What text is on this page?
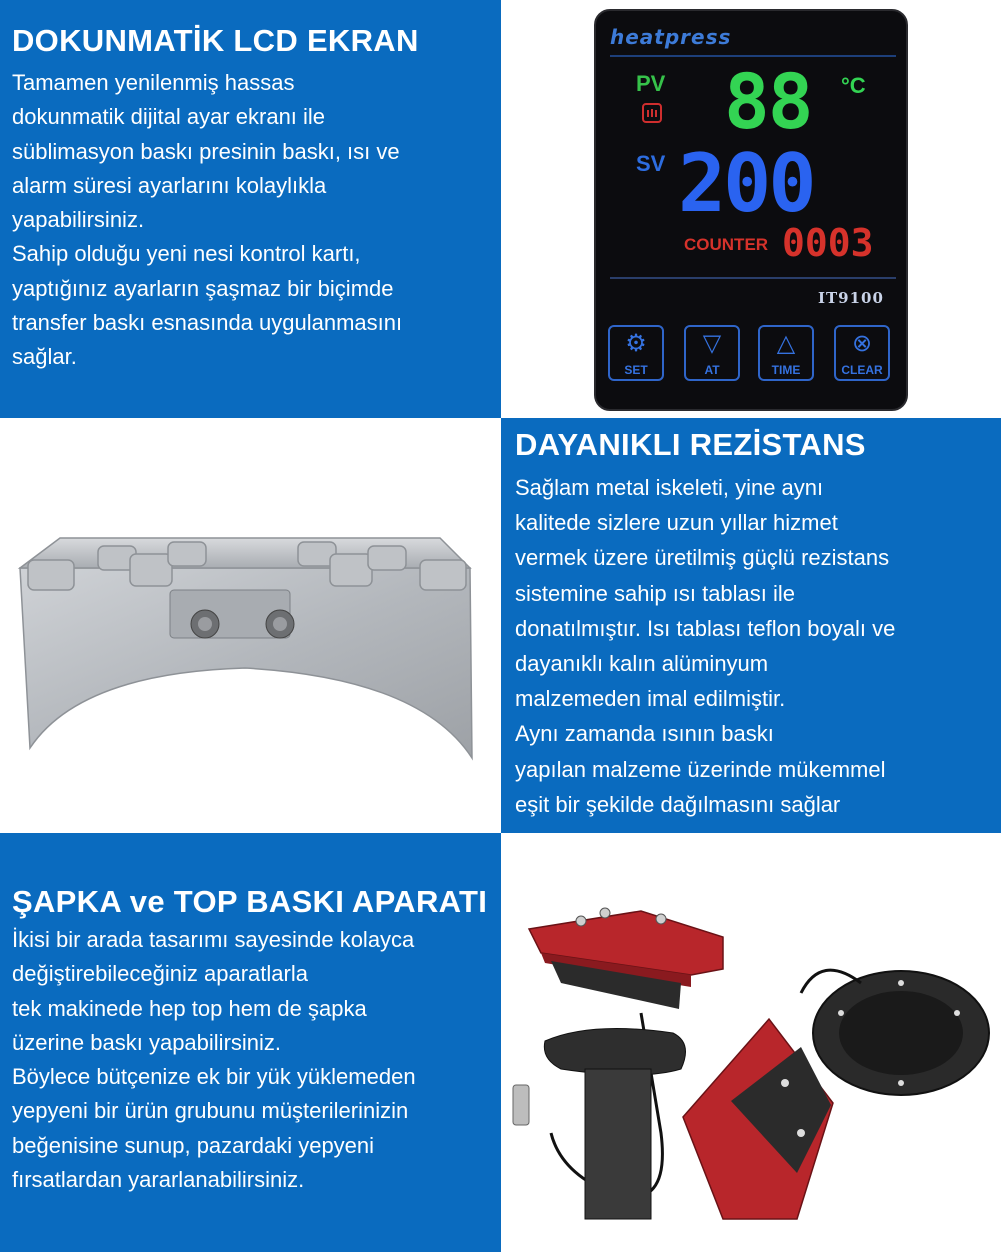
DOKUNMATİK LCD EKRAN
Tamamen yenilenmiş hassas
dokunmatik dijital ayar ekranı ile
süblimasyon baskı presinin baskı, ısı ve
alarm süresi ayarlarını kolaylıkla
yapabilirsiniz.
Sahip olduğu yeni nesi kontrol kartı,
yaptığınız ayarların şaşmaz bir biçimde
transfer baskı esnasında uygulanmasını
sağlar.
heatpress
PV 88 °C
SV 200
COUNTER 0003
IT9100
⚙
SET
▽
AT
△
TIME
⊗
CLEAR
DAYANIKLI REZİSTANS
Sağlam metal iskeleti, yine aynı
kalitede sizlere uzun yıllar hizmet
vermek üzere üretilmiş güçlü rezistans
sistemine sahip ısı tablası ile
donatılmıştır. Isı tablası teflon boyalı ve
dayanıklı kalın alüminyum
malzemeden imal edilmiştir.
Aynı zamanda ısının baskı
yapılan malzeme üzerinde mükemmel
eşit bir şekilde dağılmasını sağlar
ŞAPKA ve TOP BASKI APARATI
İkisi bir arada tasarımı sayesinde kolayca
değiştirebileceğiniz aparatlarla
tek makinede hep top hem de şapka
üzerine baskı yapabilirsiniz.
Böylece bütçenize ek bir yük yüklemeden
yepyeni bir ürün grubunu müşterilerinizin
beğenisine sunup, pazardaki yepyeni
fırsatlardan yararlanabilirsiniz.
